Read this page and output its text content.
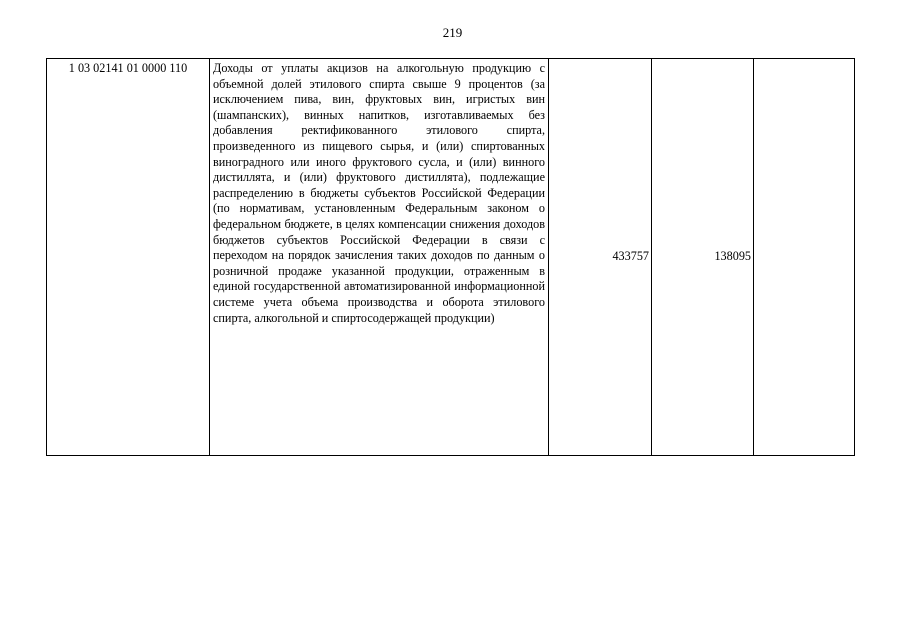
219
1 03 02141 01 0000 110	Доходы от уплаты акцизов на алкогольную продукцию с объемной долей этилового спирта свыше 9 процентов (за исключением пива, вин, фруктовых вин, игристых вин (шампанских), винных напитков, изготавливаемых без добавления ректификованного этилового спирта, произведенного из пищевого сырья, и (или) спиртованных виноградного или иного фруктового сусла, и (или) винного дистиллята, и (или) фруктового дистиллята), подлежащие распределению в бюджеты субъектов Российской Федерации (по нормативам, установленным Федеральным законом о федеральном бюджете, в целях компенсации снижения доходов бюджетов субъектов Российской Федерации в связи с переходом на порядок зачисления таких доходов по данным о розничной продаже указанной продукции, отраженным в единой государственной автоматизированной информационной системе учета объема производства и оборота этилового спирта, алкогольной и спиртосодержащей продукции)	433757	138095	
